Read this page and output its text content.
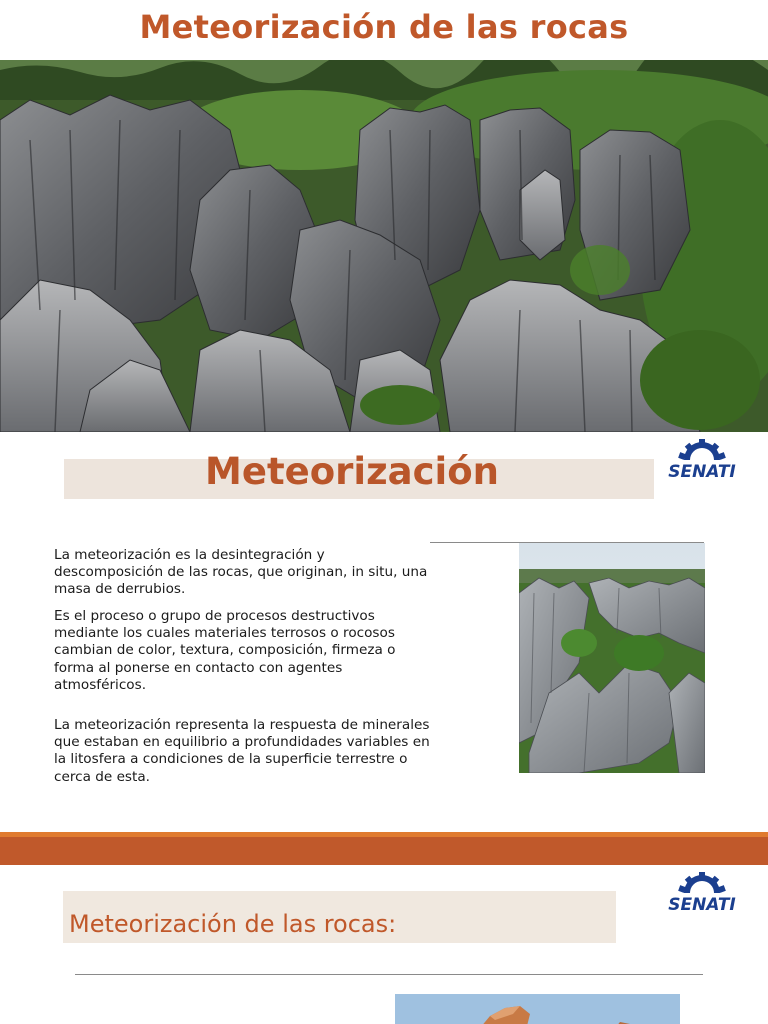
Meteorización de las rocas
Meteorización	SENATI

La meteorización es la desintegración y descomposición de las rocas, que originan, in situ, una masa de derrubios.

Es el proceso o grupo de procesos destructivos mediante los cuales materiales terrosos o rocosos cambian de color, textura, composición, firmeza o forma al ponerse en contacto con agentes atmosféricos.

La meteorización representa la respuesta de minerales que estaban en equilibrio a profundidades variables en la litosfera a condiciones de la superficie terrestre o cerca de esta.

Meteorización de las rocas:
SENATI
